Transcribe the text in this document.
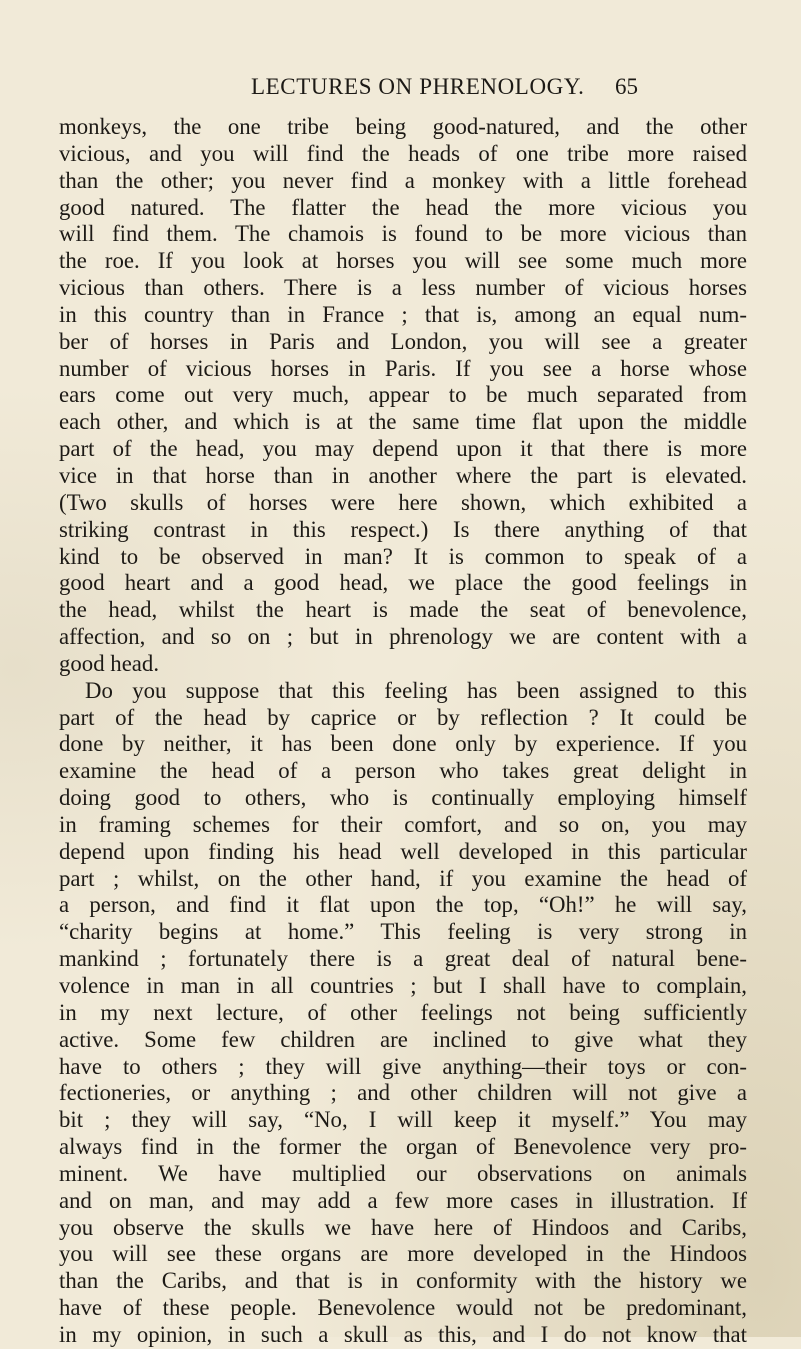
LECTURES ON PHRENOLOGY. 65
monkeys, the one tribe being good-natured, and the other
vicious, and you will find the heads of one tribe more raised
than the other; you never find a monkey with a little forehead
good natured. The flatter the head the more vicious you
will find them. The chamois is found to be more vicious than
the roe. If you look at horses you will see some much more
vicious than others. There is a less number of vicious horses
in this country than in France ; that is, among an equal num-
ber of horses in Paris and London, you will see a greater
number of vicious horses in Paris. If you see a horse whose
ears come out very much, appear to be much separated from
each other, and which is at the same time flat upon the middle
part of the head, you may depend upon it that there is more
vice in that horse than in another where the part is elevated.
(Two skulls of horses were here shown, which exhibited a
striking contrast in this respect.) Is there anything of that
kind to be observed in man? It is common to speak of a
good heart and a good head, we place the good feelings in
the head, whilst the heart is made the seat of benevolence,
affection, and so on ; but in phrenology we are content with a
good head.
Do you suppose that this feeling has been assigned to this
part of the head by caprice or by reflection ? It could be
done by neither, it has been done only by experience. If you
examine the head of a person who takes great delight in
doing good to others, who is continually employing himself
in framing schemes for their comfort, and so on, you may
depend upon finding his head well developed in this particular
part ; whilst, on the other hand, if you examine the head of
a person, and find it flat upon the top, “Oh!” he will say,
“charity begins at home.” This feeling is very strong in
mankind ; fortunately there is a great deal of natural bene-
volence in man in all countries ; but I shall have to complain,
in my next lecture, of other feelings not being sufficiently
active. Some few children are inclined to give what they
have to others ; they will give anything—their toys or con-
fectioneries, or anything ; and other children will not give a
bit ; they will say, “No, I will keep it myself.” You may
always find in the former the organ of Benevolence very pro-
minent. We have multiplied our observations on animals
and on man, and may add a few more cases in illustration. If
you observe the skulls we have here of Hindoos and Caribs,
you will see these organs are more developed in the Hindoos
than the Caribs, and that is in conformity with the history we
have of these people. Benevolence would not be predominant,
in my opinion, in such a skull as this, and I do not know that
